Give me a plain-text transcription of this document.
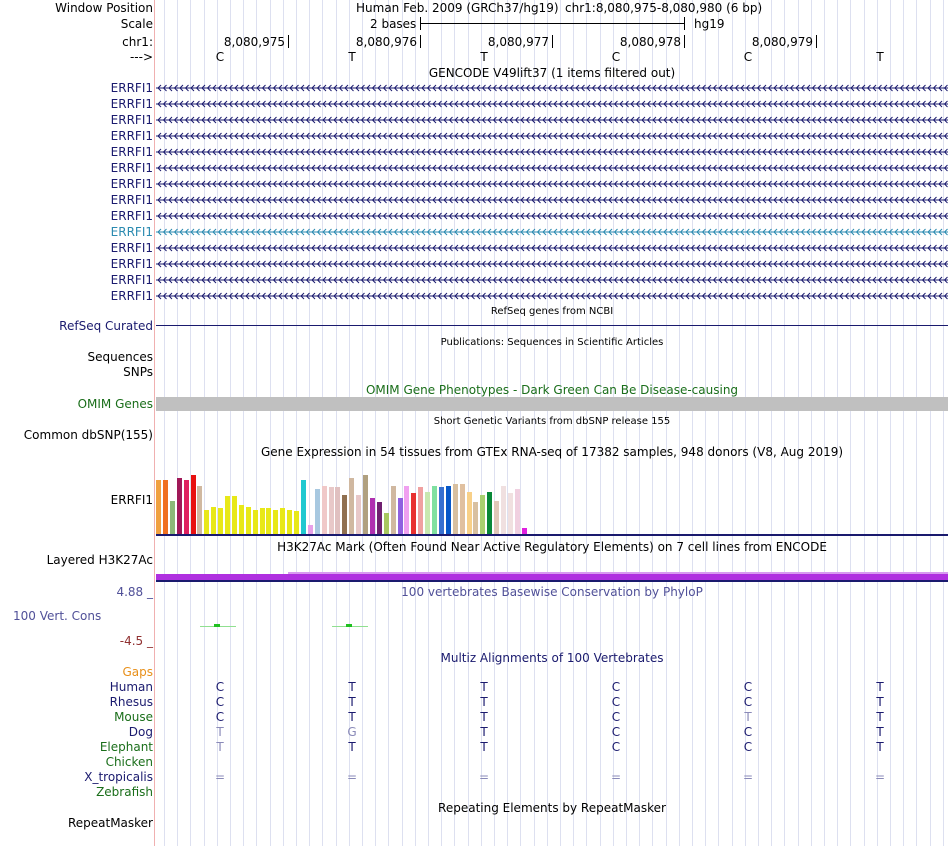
Window Position	Human Feb. 2009 (GRCh37/hg19) chr1:8,080,975-8,080,980 (6 bp)
Scale	2 bases	hg19
chr1:	8,080,975	8,080,976	8,080,977	8,080,978	8,080,979
--->	C	T	T	C	C	T
GENCODE V49lift37 (1 items filtered out)
ERRFI1
ERRFI1
ERRFI1
ERRFI1
ERRFI1
ERRFI1
ERRFI1
ERRFI1
ERRFI1
ERRFI1
ERRFI1
ERRFI1
ERRFI1
ERRFI1
RefSeq genes from NCBI
RefSeq Curated
Publications: Sequences in Scientific Articles
Sequences
SNPs
OMIM Gene Phenotypes - Dark Green Can Be Disease-causing
OMIM Genes
Short Genetic Variants from dbSNP release 155
Common dbSNP(155)
Gene Expression in 54 tissues from GTEx RNA-seq of 17382 samples, 948 donors (V8, Aug 2019)
ERRFI1
H3K27Ac Mark (Often Found Near Active Regulatory Elements) on 7 cell lines from ENCODE
Layered H3K27Ac
4.88 _	100 vertebrates Basewise Conservation by PhyloP
100 Vert. Cons
-4.5 _
Multiz Alignments of 100 Vertebrates
Gaps
Human	C	T	T	C	C	T
Rhesus	C	T	T	C	C	T
Mouse	C	T	T	C	T	T
Dog	T	G	T	C	C	T
Elephant	T	T	T	C	C	T
Chicken
X_tropicalis	=	=	=	=	=	=
Zebrafish
Repeating Elements by RepeatMasker
RepeatMasker
